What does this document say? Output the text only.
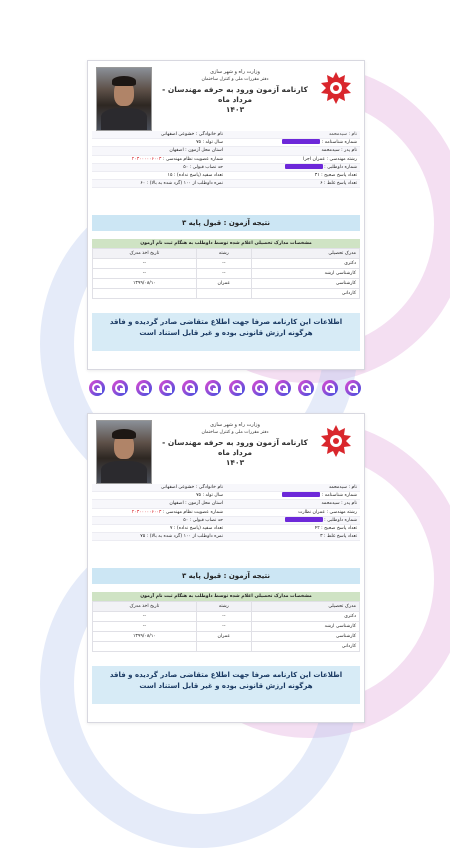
وزارت راه و شهر سازی
دفتر مقررات ملی و کنترل ساختمان
کارنامه آزمون ورود به حرفه مهندسان - مرداد ماه
۱۴۰۳
نام : سیدمحمد
نام خانوادگی : خشوعی اصفهانی
شماره شناسنامه :
سال تولد : ۷۵
نام پدر : سیدمحمد
استان محل آزمون : اصفهان
رشته مهندسی : عمران اجرا
شماره عضویت نظام مهندسی : ۲۰۳۰۰۰۰۰۶۰۰۳
شماره داوطلبی :
حد نصاب قبولی : ۵۰
تعداد پاسخ صحیح : ۳۱
تعداد سفید (پاسخ نداده) : ۱۵
تعداد پاسخ غلط : ۶
نمره داوطلب از ۱۰۰ (گرد شده به بالا) : ۶۰
نتیجه آزمون : قبول پایه ۳
مشخصات مدارک تحصیلی اعلام شده توسط داوطلب به هنگام ثبت نام آزمون
مدرک تحصیلی	رشته	تاریخ اخذ مدرک
دکتری	--	--
کارشناسی ارشد	--	--
کارشناسی	عمران	۱۳۹۹/۰۸/۱۰
کاردانی		
اطلاعات این کارنامه صرفا جهت اطلاع متقاضی صادر گردیده و فاقد هرگونه ارزش قانونی بوده و غیر قابل استناد است
وزارت راه و شهر سازی
دفتر مقررات ملی و کنترل ساختمان
کارنامه آزمون ورود به حرفه مهندسان - مرداد ماه
۱۴۰۳
نام : سیدمحمد
نام خانوادگی : خشوعی اصفهانی
شماره شناسنامه :
سال تولد : ۷۵
نام پدر : سیدمحمد
استان محل آزمون : اصفهان
رشته مهندسی : عمران نظارت
شماره عضویت نظام مهندسی : ۲۰۳۰۰۰۰۰۶۰۰۳
شماره داوطلبی :
حد نصاب قبولی : ۵۰
تعداد پاسخ صحیح : ۴۲
تعداد سفید (پاسخ نداده) : ۷
تعداد پاسخ غلط : ۳
نمره داوطلب از ۱۰۰ (گرد شده به بالا) : ۷۵
نتیجه آزمون : قبول پایه ۳
مشخصات مدارک تحصیلی اعلام شده توسط داوطلب به هنگام ثبت نام آزمون
مدرک تحصیلی	رشته	تاریخ اخذ مدرک
دکتری	--	--
کارشناسی ارشد	--	--
کارشناسی	عمران	۱۳۹۹/۰۸/۱۰
کاردانی		
اطلاعات این کارنامه صرفا جهت اطلاع متقاضی صادر گردیده و فاقد هرگونه ارزش قانونی بوده و غیر قابل استناد است
